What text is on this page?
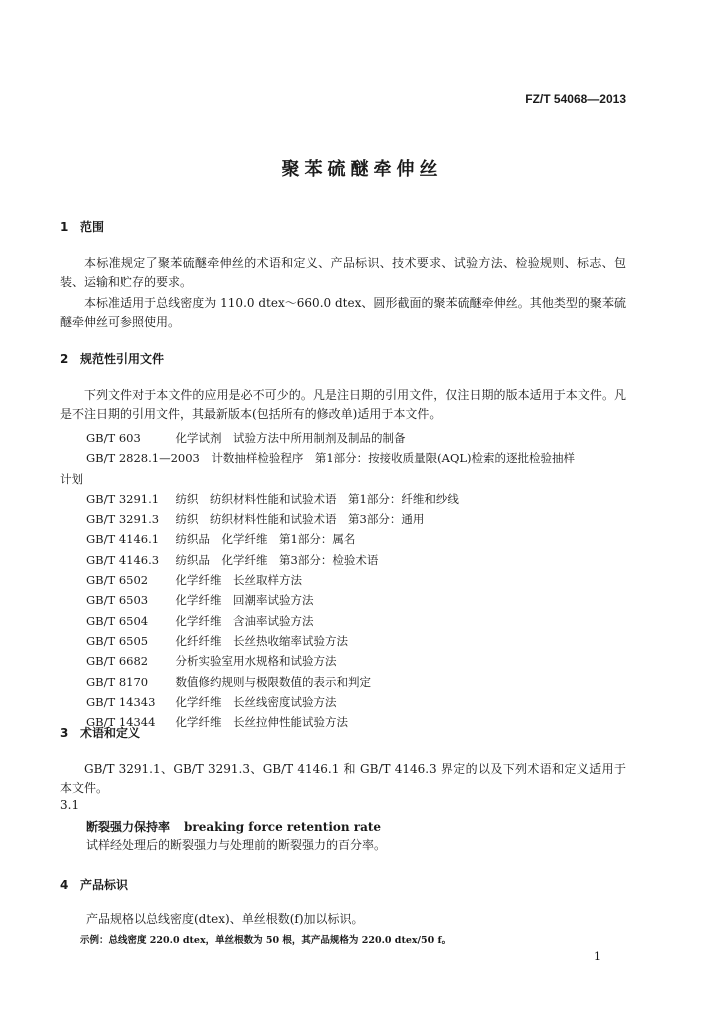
FZ/T 54068—2013
聚苯硫醚牵伸丝
1 范围

本标准规定了聚苯硫醚牵伸丝的术语和定义、产品标识、技术要求、试验方法、检验规则、标志、包装、运输和贮存的要求。

本标准适用于总线密度为 110.0 dtex～660.0 dtex、圆形截面的聚苯硫醚牵伸丝。其他类型的聚苯硫醚牵伸丝可参照使用。

2 规范性引用文件

下列文件对于本文件的应用是必不可少的。凡是注日期的引用文件，仅注日期的版本适用于本文件。凡是不注日期的引用文件，其最新版本(包括所有的修改单)适用于本文件。

GB/T 603　	化学试剂　试验方法中所用制剂及制品的制备
GB/T 2828.1—2003　 计数抽样检验程序　第1部分：按接收质量限(AQL)检索的逐批检验抽样
计划
GB/T 3291.1　 纺织　纺织材料性能和试验术语　第1部分：纤维和纱线
GB/T 3291.3　 纺织　纺织材料性能和试验术语　第3部分：通用
GB/T 4146.1　 纺织品　化学纤维　第1部分：属名
GB/T 4146.3　 纺织品　化学纤维　第3部分：检验术语
GB/T 6502　 化学纤维　长丝取样方法
GB/T 6503　 化学纤维　回潮率试验方法
GB/T 6504　 化学纤维　含油率试验方法
GB/T 6505　 化纤纤维　长丝热收缩率试验方法
GB/T 6682　 分析实验室用水规格和试验方法
GB/T 8170　 数值修约规则与极限数值的表示和判定
GB/T 14343　 化学纤维　长丝线密度试验方法
GB/T 14344　 化学纤维　长丝拉伸性能试验方法
3 术语和定义

GB/T 3291.1、GB/T 3291.3、GB/T 4146.1 和 GB/T 4146.3 界定的以及下列术语和定义适用于本文件。

3.1
断裂强力保持率 breaking force retention rate
试样经处理后的断裂强力与处理前的断裂强力的百分率。
4 产品标识
产品规格以总线密度(dtex)、单丝根数(f)加以标识。
示例：总线密度 220.0 dtex，单丝根数为 50 根，其产品规格为 220.0 dtex/50 f。
1
